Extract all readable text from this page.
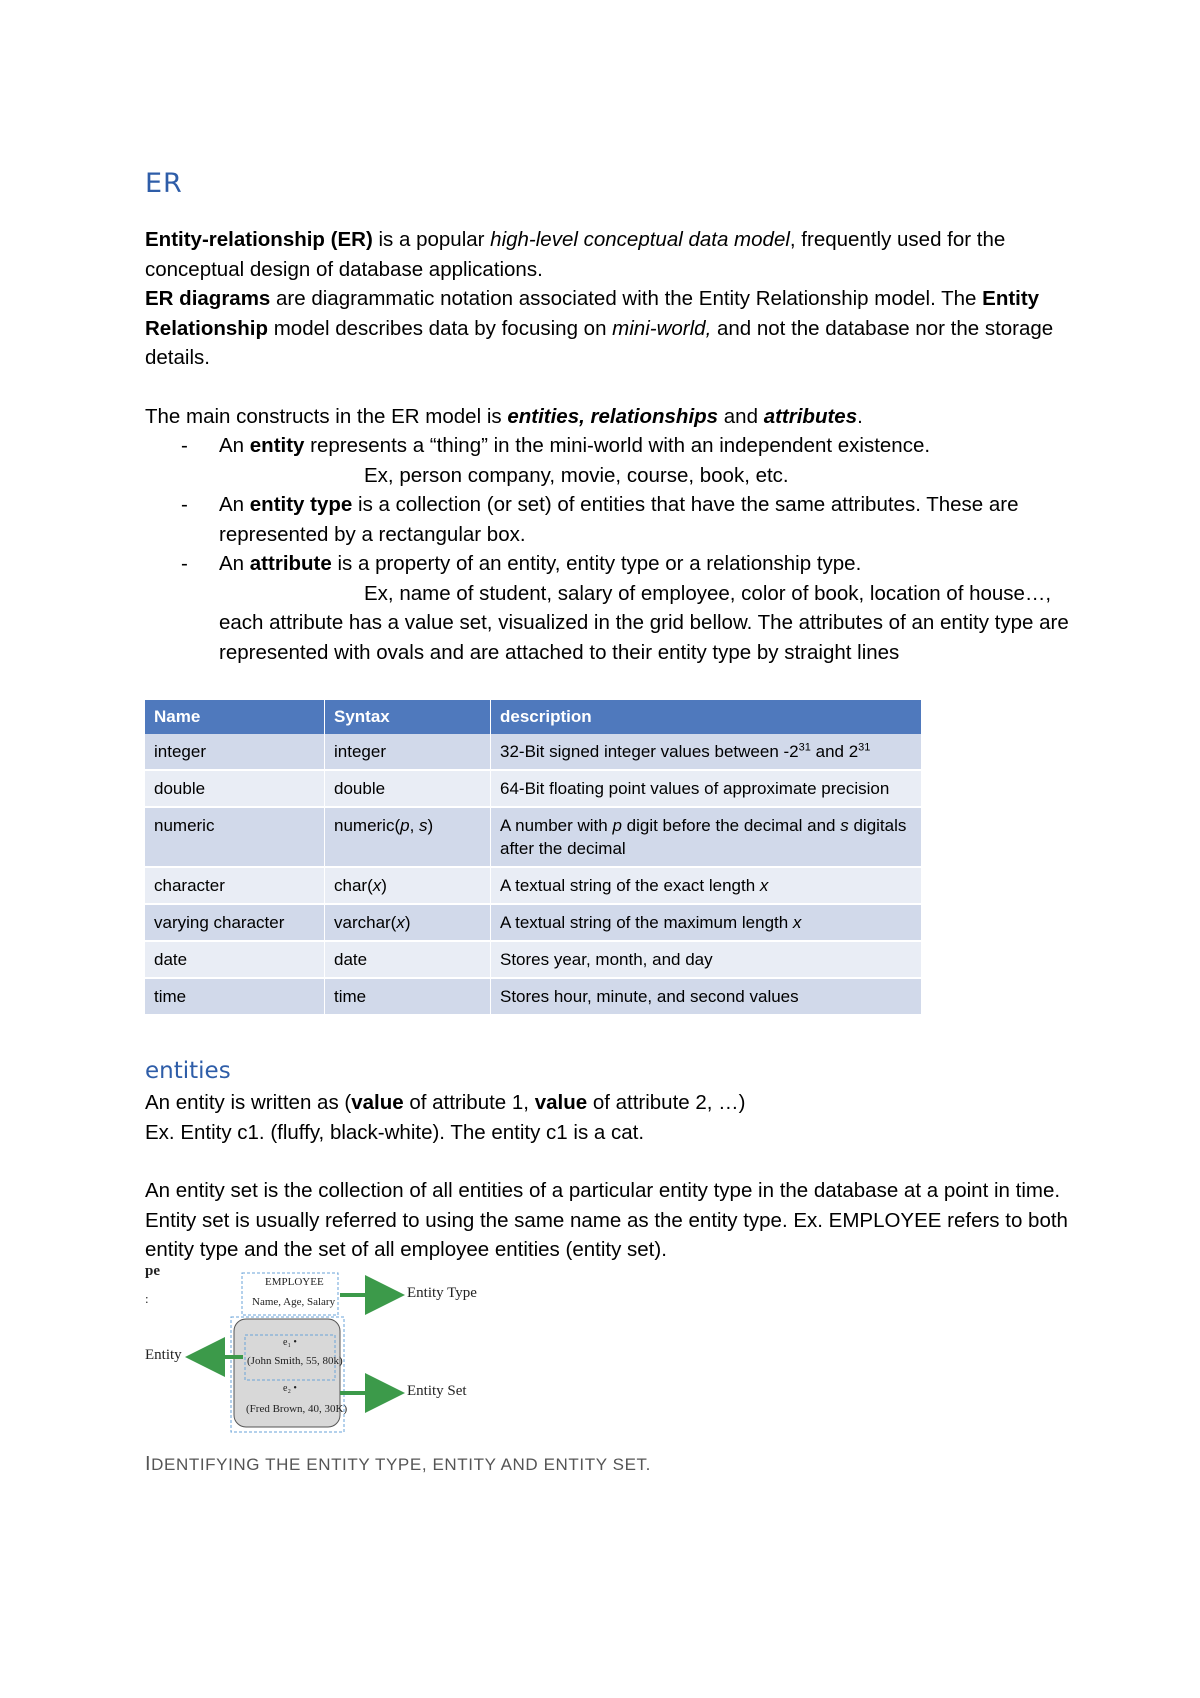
ER

Entity-relationship (ER) is a popular high-level conceptual data model, frequently used for the conceptual design of database applications.

ER diagrams are diagrammatic notation associated with the Entity Relationship model. The Entity Relationship model describes data by focusing on mini-world, and not the database nor the storage details.

The main constructs in the ER model is entities, relationships and attributes.

- An entity represents a “thing” in the mini-world with an independent existence.
Ex, person company, movie, course, book, etc.
- An entity type is a collection (or set) of entities that have the same attributes. These are represented by a rectangular box.
- An attribute is a property of an entity, entity type or a relationship type.
Ex, name of student, salary of employee, color of book, location of house…,
each attribute has a value set, visualized in the grid bellow. The attributes of an entity type are represented with ovals and are attached to their entity type by straight lines
Name	Syntax	description
integer	integer	32-Bit signed integer values between $-2^{31}$ and $2^{31}$
double	double	64-Bit floating point values of approximate precision
numeric	numeric(p, s)	A number with p digit before the decimal and s digitals after the decimal
character	char(x)	A textual string of the exact length x
varying character	varchar(x)	A textual string of the maximum length x
date	date	Stores year, month, and day
time	time	Stores hour, minute, and second values
entities

An entity is written as (value of attribute 1, value of attribute 2, …)

Ex. Entity c1. (fluffy, black-white). The entity c1 is a cat.

An entity set is the collection of all entities of a particular entity type in the database at a point in time. Entity set is usually referred to using the same name as the entity type. Ex. EMPLOYEE refers to both entity type and the set of all employee entities (entity set).

pe
:
EMPLOYEE
Name, Age, Salary
e₁ •
(John Smith, 55, 80k)
e₂ •
(Fred Brown, 40, 30K)
Entity Type
Entity
Entity Set
IDENTIFYING THE ENTITY TYPE, ENTITY AND ENTITY SET.
